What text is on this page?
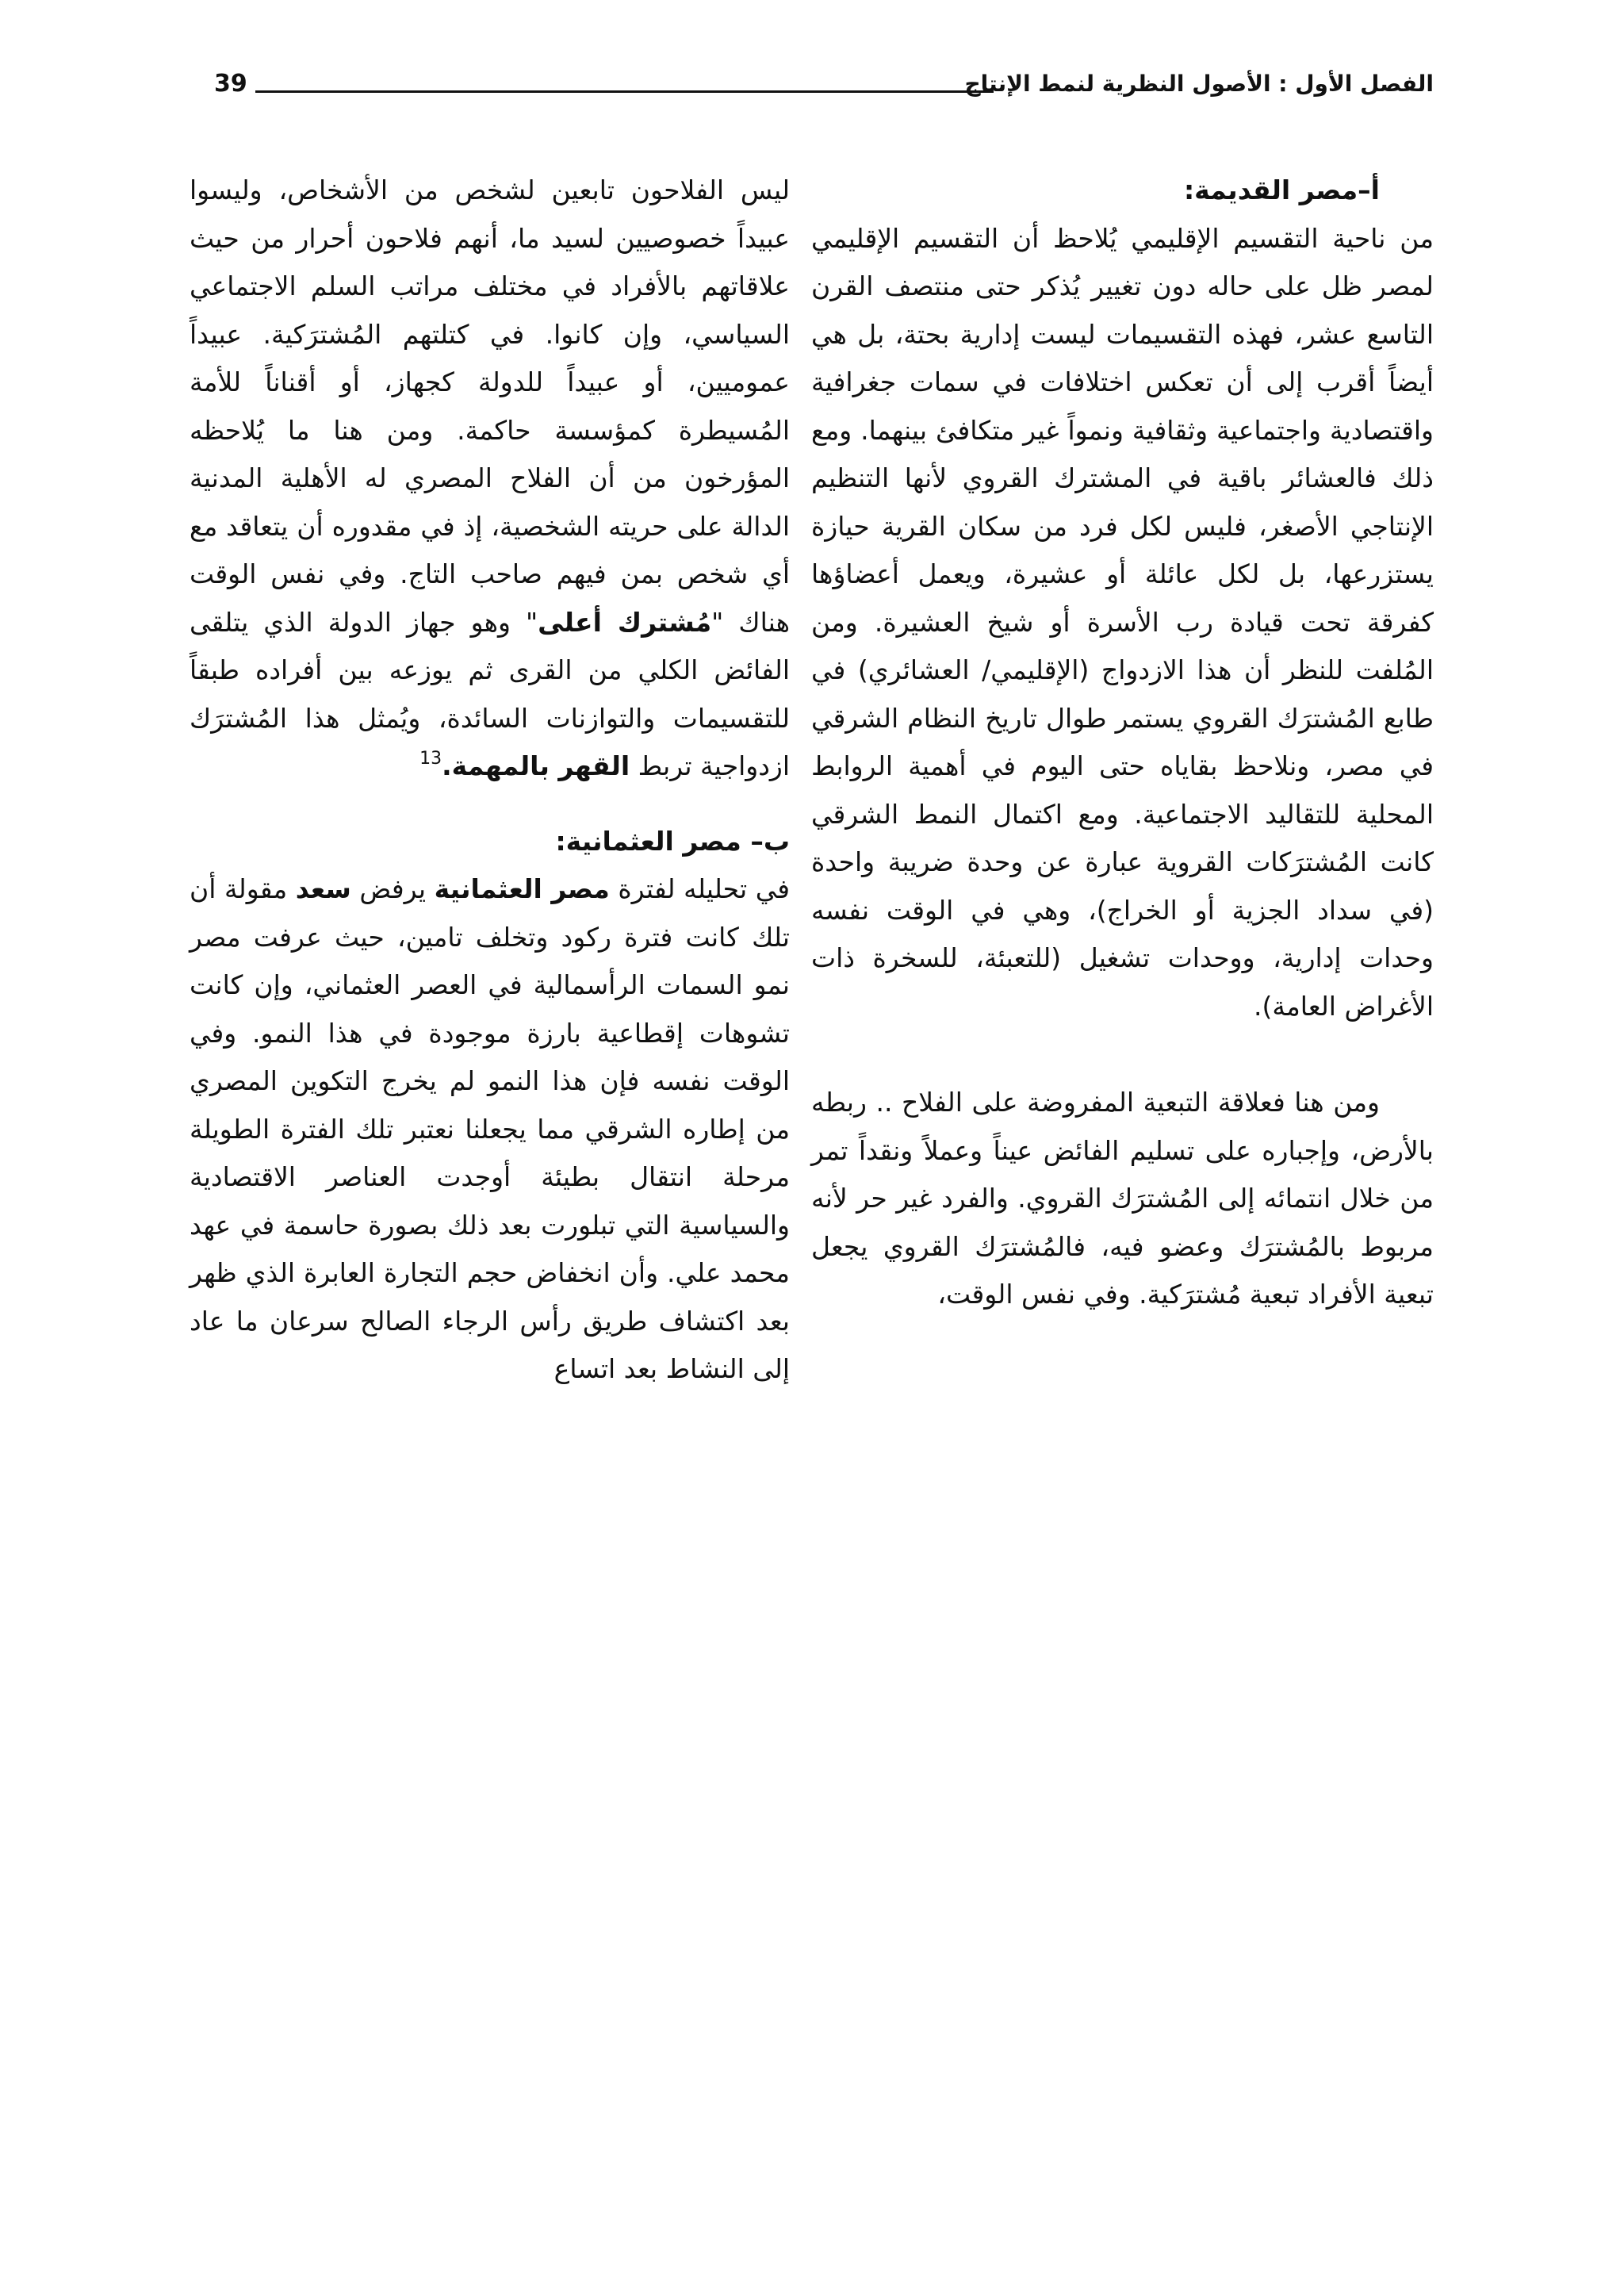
الفصل الأول : الأصول النظرية لنمط الإنتاج
39

أ–مصر القديمة:

من ناحية التقسيم الإقليمي يُلاحظ أن التقسيم الإقليمي لمصر ظل على حاله دون تغيير يُذكر حتى منتصف القرن التاسع عشر، فهذه التقسيمات ليست إدارية بحتة، بل هي أيضاً أقرب إلى أن تعكس اختلافات في سمات جغرافية واقتصادية واجتماعية وثقافية ونمواً غير متكافئ بينهما. ومع ذلك فالعشائر باقية في المشترك القروي لأنها التنظيم الإنتاجي الأصغر، فليس لكل فرد من سكان القرية حيازة يستزرعها، بل لكل عائلة أو عشيرة، ويعمل أعضاؤها كفرقة تحت قيادة رب الأسرة أو شيخ العشيرة. ومن المُلفت للنظر أن هذا الازدواج (الإقليمي/ العشائري) في طابع المُشترَك القروي يستمر طوال تاريخ النظام الشرقي في مصر، ونلاحظ بقاياه حتى اليوم في أهمية الروابط المحلية للتقاليد الاجتماعية. ومع اكتمال النمط الشرقي كانت المُشترَكات القروية عبارة عن وحدة ضريبة واحدة (في سداد الجزية أو الخراج)، وهي في الوقت نفسه وحدات إدارية، ووحدات تشغيل (للتعبئة، للسخرة ذات الأغراض العامة).

ومن هنا فعلاقة التبعية المفروضة على الفلاح .. ربطه بالأرض، وإجباره على تسليم الفائض عيناً وعملاً ونقداً تمر من خلال انتمائه إلى المُشترَك القروي. والفرد غير حر لأنه مربوط بالمُشترَك وعضو فيه، فالمُشترَك القروي يجعل تبعية الأفراد تبعية مُشترَكية. وفي نفس الوقت،

ليس الفلاحون تابعين لشخص من الأشخاص، وليسوا عبيداً خصوصيين لسيد ما، أنهم فلاحون أحرار من حيث علاقاتهم بالأفراد في مختلف مراتب السلم الاجتماعي السياسي، وإن كانوا. في كتلتهم المُشترَكية. عبيداً عموميين، أو عبيداً للدولة كجهاز، أو أقناناً للأمة المُسيطرة كمؤسسة حاكمة. ومن هنا ما يُلاحظه المؤرخون من أن الفلاح المصري له الأهلية المدنية الدالة على حريته الشخصية، إذ في مقدوره أن يتعاقد مع أي شخص بمن فيهم صاحب التاج. وفي نفس الوقت هناك "مُشترك أعلى" وهو جهاز الدولة الذي يتلقى الفائض الكلي من القرى ثم يوزعه بين أفراده طبقاً للتقسيمات والتوازنات السائدة، ويُمثل هذا المُشترَك ازدواجية تربط القهر بالمهمة.$^{13}$

ب– مصر العثمانية:

في تحليله لفترة مصر العثمانية يرفض سعد مقولة أن تلك كانت فترة ركود وتخلف تامين، حيث عرفت مصر نمو السمات الرأسمالية في العصر العثماني، وإن كانت تشوهات إقطاعية بارزة موجودة في هذا النمو. وفي الوقت نفسه فإن هذا النمو لم يخرج التكوين المصري من إطاره الشرقي مما يجعلنا نعتبر تلك الفترة الطويلة مرحلة انتقال بطيئة أوجدت العناصر الاقتصادية والسياسية التي تبلورت بعد ذلك بصورة حاسمة في عهد محمد علي. وأن انخفاض حجم التجارة العابرة الذي ظهر بعد اكتشاف طريق رأس الرجاء الصالح سرعان ما عاد إلى النشاط بعد اتساع
